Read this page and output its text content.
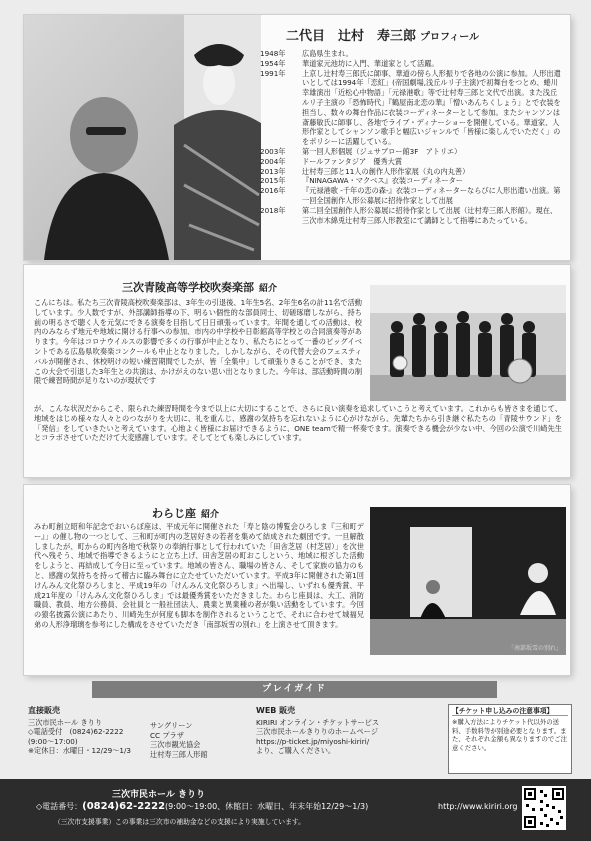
二代目　辻村　寿三郎 プロフィール
1948年	広島県生まれ。
1954年	華道家元池坊に入門、華道家として活躍。
1991年	上京し辻村寿三郎氏に師事、華道の傍ら人形振りで各地の公演に参加。人形出遣いとしては1994年「恋紅」(帝国劇場,浅丘ルリ子主演)で初舞台をつとめ、蜷川幸雄演出「近松心中物語」「元禄港歌」等で辻村寿三郎と文代で出演。また浅丘ルリ子主演の「恐怖時代」『鶴屋南北恋の華』「憎いあんちくしょう」とで衣装を担当し、数々の舞台作品に衣装コーディネーターとして参加。またシャンソンは斎藤敏氏に師事し、各地でライブ・ディナーショーを開催している。華道家、人形作家としてシャンソン歌手と幅広いジャンルで「皆様に楽しんでいただく」のをポリシーに活躍している。
2003年	第一回人形個展（ジュサブロー館3F　アトリエ）
2004年	ドールファンタジア　優秀大賞
2013年	辻村寿三郎と11人の創作人形作家展（丸の内丸善）
2015年	『NINAGAWA・マクベス』衣装コーディネーター
2016年	『元禄港歌 -千年の恋の森-』衣装コーディネーターならびに人形出遣い出演。第一回全国創作人形公募展に招待作家として出展
2018年	第二回全国創作人形公募展に招待作家として出展（辻村寿三郎人形館）。現在、三次市木綿兎辻村寿三郎人形教室にて講師として指導にあたっている。
三次青陵高等学校吹奏楽部 紹介
こんにちは。私たち三次青陵高校吹奏楽部は、3年生の引退後、1年生5名、2年生6名の計11名で活動しています。少人数ですが、外部講師指導の下、明るい個性的な部員同士、切磋琢磨しながら、持ち前の明るさで聴く人を元気にできる演奏を目指して日日頑張っています。年間を通しての活動は、校内のみならず地元や地域に開ける行事への参加、市内の中学校や日彰館高等学校との合同演奏等があります。今年はコロナウイルスの影響で多くの行事が中止となり、私たちにとって一番のビッグイベントである広島県吹奏楽コンクールも中止となりました。しかしながら、その代替大会のフェスティバルが開催され、休校明けの短い練習期間でしたが、皆「全集中」して頑張りきることができ、またこの大会で引退した3年生との共演は、かけがえのない思い出となりました。今年は、部活動時間の制限で練習時間が足りないのが現状です
が、こんな状況だからこそ、限られた練習時間を今まで以上に大切にすることで、さらに良い演奏を追求していこうと考えています。これからも皆さまを通じて、地域をはじめ様々な人々とのつながりを大切に、礼を重んじ、感謝の気持ちを忘れないように心がけながら、先輩たちから引き継ぐ私たちの「青陵サウンド」を「発信」をしていきたいと考えています。心地よく皆様にお届けできるように、ONE teamで精一杯奏でます。演奏できる機会が少ない中、今回の公演で川崎先生とコラボさせていただけて大変感謝しています。そしてとても楽しみにしています。
わらじ座 紹介
みわ町創立昭和年記念でおいらぼ座は、平成元年に開催された「寿と陰の博覧会ひろしま『三和町デー』」の催し物の一つとして、三和町が町内の芝居好きの若者を集めて結成された劇団です。一旦解散しましたが、町からの町内各地で秋祭りの奉納行事として行われていた「田舎芝居（村芝居）」を次世代へ残そう、地域で指導できるようにと立ち上げ、田舎芝居の町おこしという、地域に根ざした活動をしようと、再結成して今日に至っています。地域の皆さん、職場の皆さん、そして家族の協力のもと、感謝の気持ちを持って稽古に臨み舞台に立たせていただいています。平成3年に開催された第1回けんみん文化祭ひろしまと、平成19年の「けんみん文化祭ひろしま」へ出場し、いずれも優秀賞、平成21年度の「けんみん文化祭ひろしま」では最優秀賞をいただきました。わらじ座員は、大工、消防職員、教員、地方公務員、会社員と一般社団法人、農業と異業種の者が集い活動をしています。今回の猿名披露公演にあたり、川崎先生が何度も脚本を制作されるということで、それに合わせて城福兄弟の人形浄瑠璃を参考にした構成をさせていただき「南部坂雪の別れ」を上演させて頂きます。
「南部坂雪の別れ」
プレイガイド
直接販売
三次市民ホール きりり
◇電話受付　(0824)62-2222
(9:00～17:00)
※定休日：水曜日・12/29～1/3
サングリーン
CC プラザ
三次市観光協会
辻村寿三郎人形館
WEB 販売
KIRIRI オンライン・チケットサービス
三次市民ホールきりりのホームページ
https://p-ticket.jp/miyoshi-kiriri/
より、ご購入ください。
【チケット申し込みの注意事項】
※購入方法によりチケット代以外の送料、手数料等が別途必要となります。また、それぞれ金額も異なりますのでご注意ください。
三次市民ホール きりり
◇電話番号：(0824)62-2222(9:00～19:00、休館日：水曜日、年末年始12/29～1/3)	http://www.kiriri.org
（三次市支援事業）この事業は三次市の補助金などの支援により実施しています。
